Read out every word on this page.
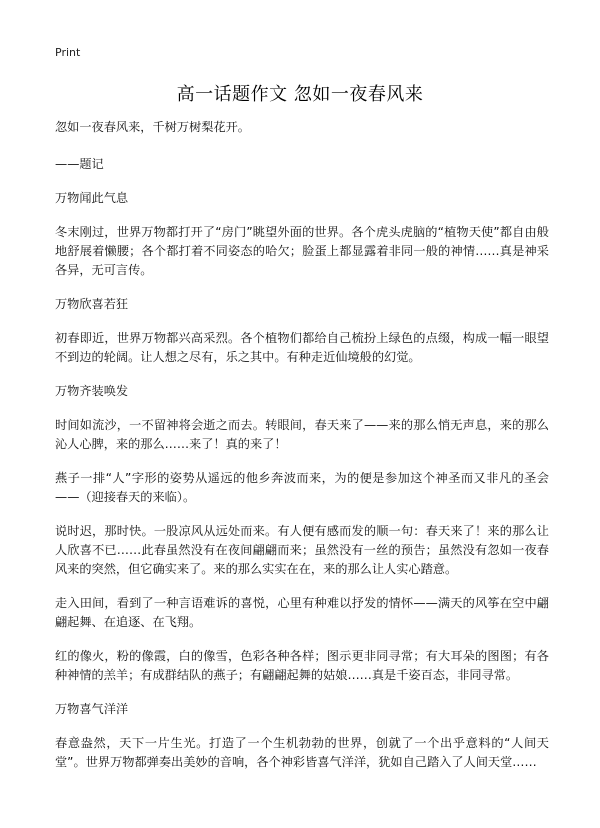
Print
高一话题作文 忽如一夜春风来

忽如一夜春风来，千树万树梨花开。

——题记

万物闻此气息

冬末刚过，世界万物都打开了“房门”眺望外面的世界。各个虎头虎脑的“植物天使”都自由般地舒展着懒腰；各个都打着不同姿态的哈欠；脸蛋上都显露着非同一般的神情……真是神采各异，无可言传。

万物欣喜若狂

初春即近，世界万物都兴高采烈。各个植物们都给自己梳扮上绿色的点缀，构成一幅一眼望不到边的轮阔。让人想之尽有，乐之其中。有种走近仙境般的幻觉。

万物齐装唤发

时间如流沙，一不留神将会逝之而去。转眼间，春天来了——来的那么悄无声息，来的那么沁人心脾，来的那么……来了！真的来了！

燕子一排“人”字形的姿势从遥远的他乡奔波而来，为的便是参加这个神圣而又非凡的圣会——（迎接春天的来临）。

说时迟，那时快。一股凉风从远处而来。有人便有感而发的顺一句：春天来了！来的那么让人欣喜不已……此春虽然没有在夜间翩翩而来；虽然没有一丝的预告；虽然没有忽如一夜春风来的突然，但它确实来了。来的那么实实在在，来的那么让人实心踏意。

走入田间，看到了一种言语难诉的喜悦，心里有种难以抒发的情怀——满天的风筝在空中翩翩起舞、在追逐、在飞翔。

红的像火，粉的像霞，白的像雪，色彩各种各样；图示更非同寻常；有大耳朵的图图；有各种神情的羔羊；有成群结队的燕子；有翩翩起舞的姑娘……真是千姿百态，非同寻常。

万物喜气洋洋

春意盎然，天下一片生光。打造了一个生机勃勃的世界，创就了一个出乎意料的“人间天堂”。世界万物都弹奏出美妙的音响，各个神彩皆喜气洋洋，犹如自己踏入了人间天堂……
